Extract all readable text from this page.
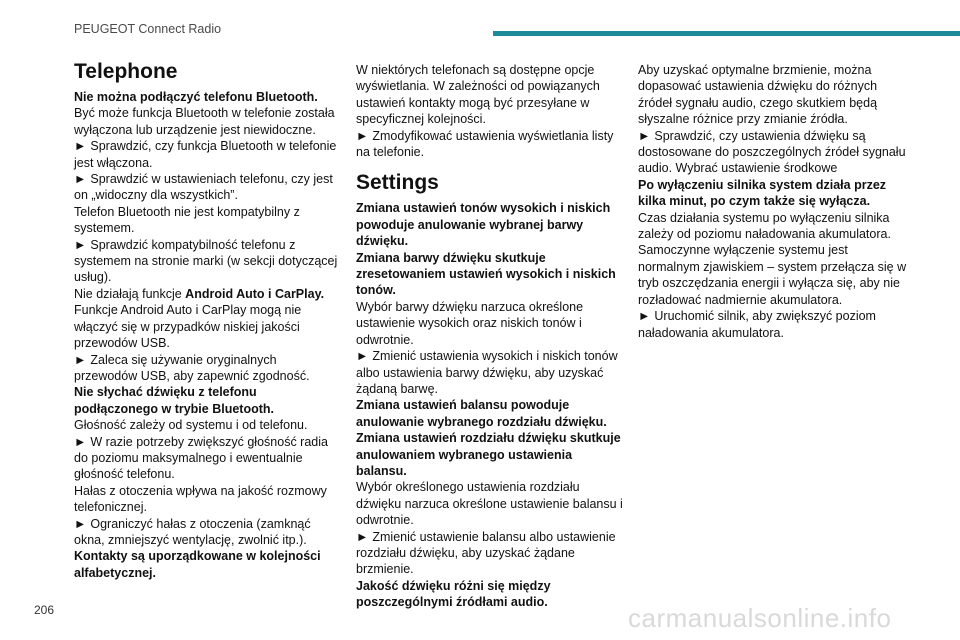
PEUGEOT Connect Radio
Telephone

Nie można podłączyć telefonu Bluetooth.

Być może funkcja Bluetooth w telefonie została wyłączona lub urządzenie jest niewidoczne.

► Sprawdzić, czy funkcja Bluetooth w telefonie jest włączona.

► Sprawdzić w ustawieniach telefonu, czy jest on „widoczny dla wszystkich”.

Telefon Bluetooth nie jest kompatybilny z systemem.

► Sprawdzić kompatybilność telefonu z systemem na stronie marki (w sekcji dotyczącej usług).

Nie działają funkcje Android Auto i CarPlay.

Funkcje Android Auto i CarPlay mogą nie włączyć się w przypadków niskiej jakości przewodów USB.

► Zaleca się używanie oryginalnych przewodów USB, aby zapewnić zgodność.

Nie słychać dźwięku z telefonu podłączonego w trybie Bluetooth.

Głośność zależy od systemu i od telefonu.

► W razie potrzeby zwiększyć głośność radia do poziomu maksymalnego i ewentualnie głośność telefonu.

Hałas z otoczenia wpływa na jakość rozmowy telefonicznej.

► Ograniczyć hałas z otoczenia (zamknąć okna, zmniejszyć wentylację, zwolnić itp.).

Kontakty są uporządkowane w kolejności alfabetycznej.

W niektórych telefonach są dostępne opcje wyświetlania. W zależności od powiązanych ustawień kontakty mogą być przesyłane w specyficznej kolejności.

► Zmodyfikować ustawienia wyświetlania listy na telefonie.

Settings

Zmiana ustawień tonów wysokich i niskich powoduje anulowanie wybranej barwy dźwięku.

Zmiana barwy dźwięku skutkuje zresetowaniem ustawień wysokich i niskich tonów.

Wybór barwy dźwięku narzuca określone ustawienie wysokich oraz niskich tonów i odwrotnie.

► Zmienić ustawienia wysokich i niskich tonów albo ustawienia barwy dźwięku, aby uzyskać żądaną barwę.

Zmiana ustawień balansu powoduje anulowanie wybranego rozdziału dźwięku.

Zmiana ustawień rozdziału dźwięku skutkuje anulowaniem wybranego ustawienia balansu.

Wybór określonego ustawienia rozdziału dźwięku narzuca określone ustawienie balansu i odwrotnie.

► Zmienić ustawienie balansu albo ustawienie rozdziału dźwięku, aby uzyskać żądane brzmienie.

Jakość dźwięku różni się między poszczególnymi źródłami audio.

Aby uzyskać optymalne brzmienie, można dopasować ustawienia dźwięku do różnych źródeł sygnału audio, czego skutkiem będą słyszalne różnice przy zmianie źródła.

► Sprawdzić, czy ustawienia dźwięku są dostosowane do poszczególnych źródeł sygnału audio. Wybrać ustawienie środkowe

Po wyłączeniu silnika system działa przez kilka minut, po czym także się wyłącza.

Czas działania systemu po wyłączeniu silnika zależy od poziomu naładowania akumulatora.

Samoczynne wyłączenie systemu jest normalnym zjawiskiem – system przełącza się w tryb oszczędzania energii i wyłącza się, aby nie rozładować nadmiernie akumulatora.

► Uruchomić silnik, aby zwiększyć poziom naładowania akumulatora.

206	carmanualsonline.info
